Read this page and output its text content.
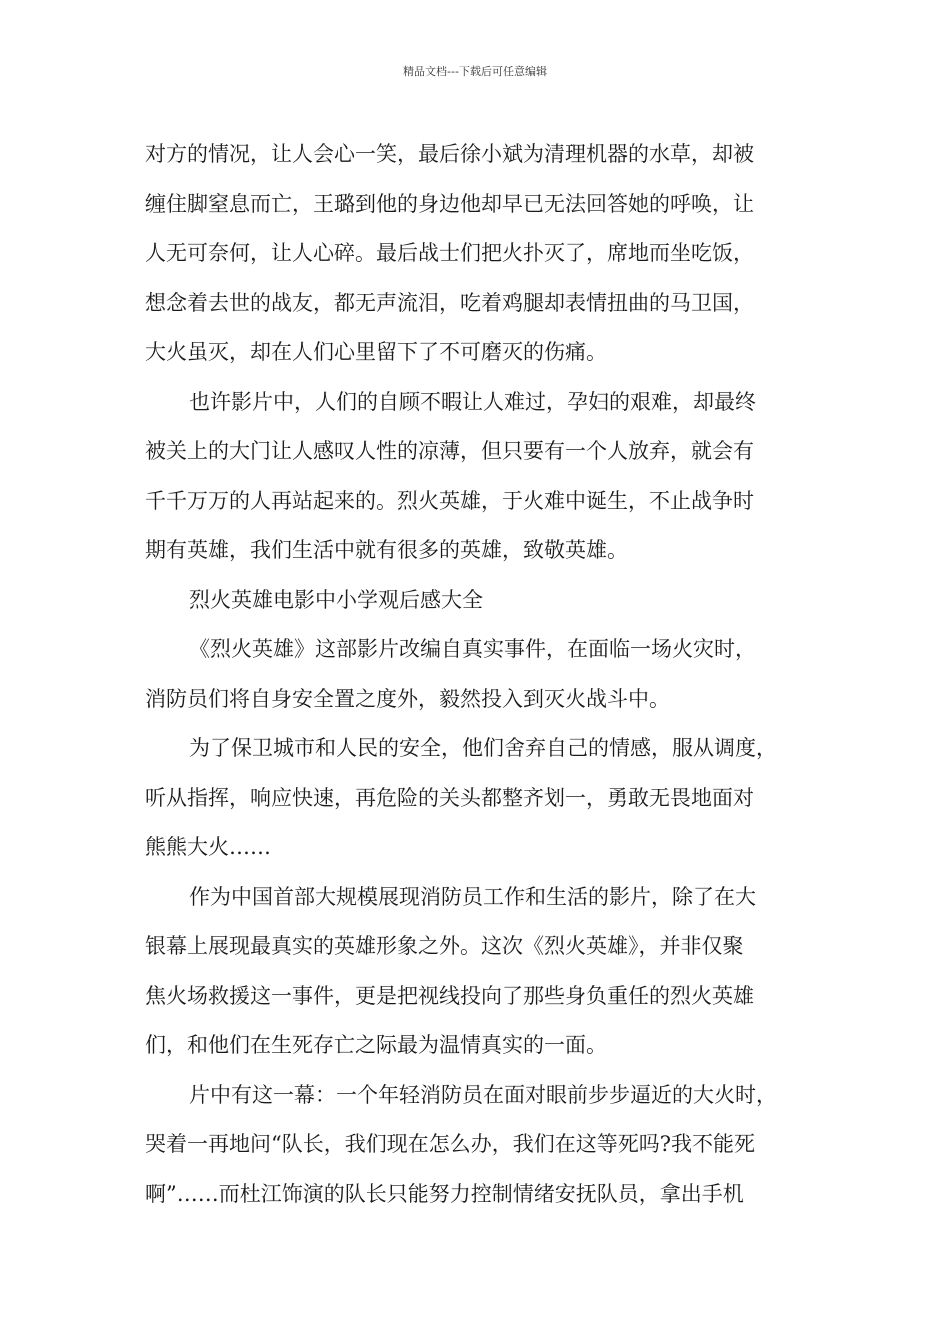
精品文档---下载后可任意编辑
对方的情况，让人会心一笑，最后徐小斌为清理机器的水草，却被
缠住脚窒息而亡，王璐到他的身边他却早已无法回答她的呼唤，让
人无可奈何，让人心碎。最后战士们把火扑灭了，席地而坐吃饭，
想念着去世的战友，都无声流泪，吃着鸡腿却表情扭曲的马卫国，
大火虽灭，却在人们心里留下了不可磨灭的伤痛。
也许影片中，人们的自顾不暇让人难过，孕妇的艰难，却最终
被关上的大门让人感叹人性的凉薄，但只要有一个人放弃，就会有
千千万万的人再站起来的。烈火英雄，于火难中诞生，不止战争时
期有英雄，我们生活中就有很多的英雄，致敬英雄。
烈火英雄电影中小学观后感大全
《烈火英雄》这部影片改编自真实事件，在面临一场火灾时，
消防员们将自身安全置之度外，毅然投入到灭火战斗中。
为了保卫城市和人民的安全，他们舍弃自己的情感，服从调度，
听从指挥，响应快速，再危险的关头都整齐划一，勇敢无畏地面对
熊熊大火……
作为中国首部大规模展现消防员工作和生活的影片，除了在大
银幕上展现最真实的英雄形象之外。这次《烈火英雄》，并非仅聚
焦火场救援这一事件，更是把视线投向了那些身负重任的烈火英雄
们，和他们在生死存亡之际最为温情真实的一面。
片中有这一幕：一个年轻消防员在面对眼前步步逼近的大火时，
哭着一再地问“队长，我们现在怎么办，我们在这等死吗?我不能死
啊”……而杜江饰演的队长只能努力控制情绪安抚队员，拿出手机
